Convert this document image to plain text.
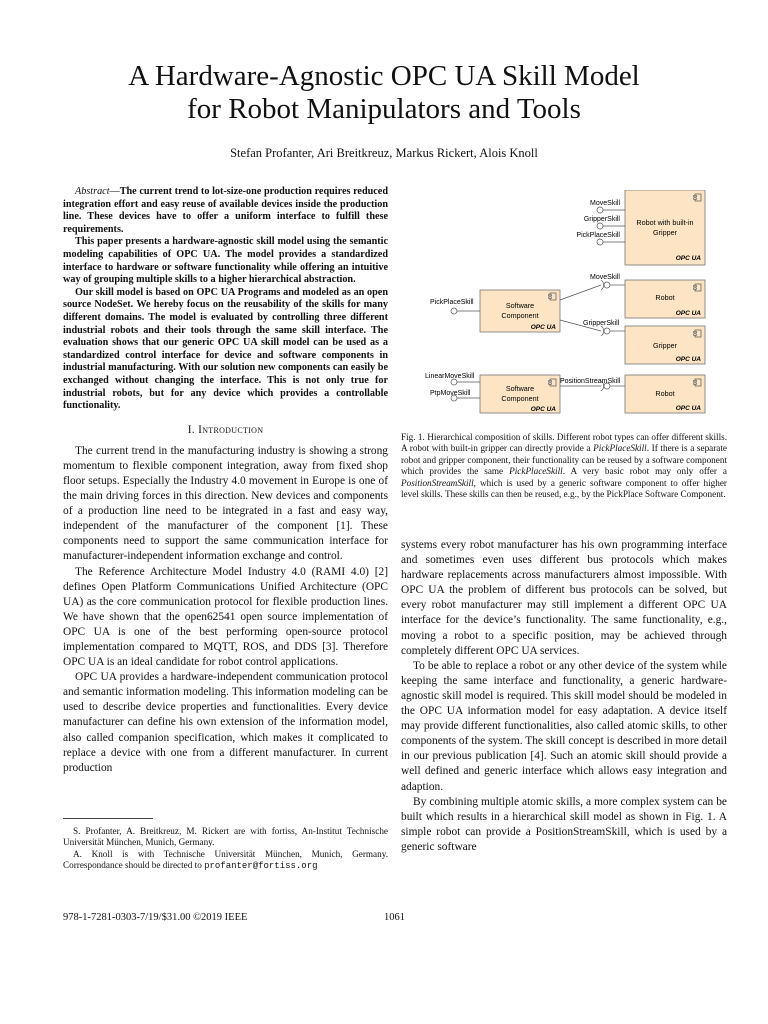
A Hardware-Agnostic OPC UA Skill Model
for Robot Manipulators and Tools
Stefan Profanter, Ari Breitkreuz, Markus Rickert, Alois Knoll

Abstract—The current trend to lot-size-one production requires reduced integration effort and easy reuse of available devices inside the production line. These devices have to offer a uniform interface to fulfill these requirements.

This paper presents a hardware-agnostic skill model using the semantic modeling capabilities of OPC UA. The model provides a standardized interface to hardware or software functionality while offering an intuitive way of grouping multiple skills to a higher hierarchical abstraction.

Our skill model is based on OPC UA Programs and modeled as an open source NodeSet. We hereby focus on the reusability of the skills for many different domains. The model is evaluated by controlling three different industrial robots and their tools through the same skill interface. The evaluation shows that our generic OPC UA skill model can be used as a standardized control interface for device and software components in industrial manufacturing. With our solution new components can easily be exchanged without changing the interface. This is not only true for industrial robots, but for any device which provides a controllable functionality.

I. Introduction

The current trend in the manufacturing industry is showing a strong momentum to flexible component integration, away from fixed shop floor setups. Especially the Industry 4.0 movement in Europe is one of the main driving forces in this direction. New devices and components of a production line need to be integrated in a fast and easy way, independent of the manufacturer of the component [1]. These components need to support the same communication interface for manufacturer-independent information exchange and control.

The Reference Architecture Model Industry 4.0 (RAMI 4.0) [2] defines Open Platform Communications Unified Architecture (OPC UA) as the core communication protocol for flexible production lines. We have shown that the open62541 open source implementation of OPC UA is one of the best performing open-source protocol implementation compared to MQTT, ROS, and DDS [3]. Therefore OPC UA is an ideal candidate for robot control applications.

OPC UA provides a hardware-independent communication protocol and semantic information modeling. This information modeling can be used to describe device properties and functionalities. Every device manufacturer can define his own extension of the information model, also called companion specification, which makes it complicated to replace a device with one from a different manufacturer. In current production

S. Profanter, A. Breitkreuz, M. Rickert are with fortiss, An-Institut Technische Universität München, Munich, Germany.

A. Knoll is with Technische Universität München, Munich, Germany. Correspondance should be directed to profanter@fortiss.org

978-1-7281-0303-7/19/$31.00 ©2019 IEEE	1061
Robot with built-in
Gripper
OPC UA
MoveSkill
GripperSkill
PickPlaceSkill
Software
Component
OPC UA
PickPlaceSkill
Robot
OPC UA
Gripper
OPC UA
MoveSkill
GripperSkill
Software
Component
OPC UA
LinearMoveSkill
PtpMoveSkill	Robot
OPC UA
PositionStreamSkill
Fig. 1. Hierarchical composition of skills. Different robot types can offer different skills. A robot with built-in gripper can directly provide a PickPlaceSkill. If there is a separate robot and gripper component, their functionality can be reused by a software component which provides the same PickPlaceSkill. A very basic robot may only offer a PositionStreamSkill, which is used by a generic software component to offer higher level skills. These skills can then be reused, e.g., by the PickPlace Software Component.

systems every robot manufacturer has his own programming interface and sometimes even uses different bus protocols which makes hardware replacements across manufacturers almost impossible. With OPC UA the problem of different bus protocols can be solved, but every robot manufacturer may still implement a different OPC UA interface for the device’s functionality. The same functionality, e.g., moving a robot to a specific position, may be achieved through completely different OPC UA services.

To be able to replace a robot or any other device of the system while keeping the same interface and functionality, a generic hardware-agnostic skill model is required. This skill model should be modeled in the OPC UA information model for easy adaptation. A device itself may provide different functionalities, also called atomic skills, to other components of the system. The skill concept is described in more detail in our previous publication [4]. Such an atomic skill should provide a well defined and generic interface which allows easy integration and adaption.

By combining multiple atomic skills, a more complex system can be built which results in a hierarchical skill model as shown in Fig. 1. A simple robot can provide a PositionStreamSkill, which is used by a generic software
